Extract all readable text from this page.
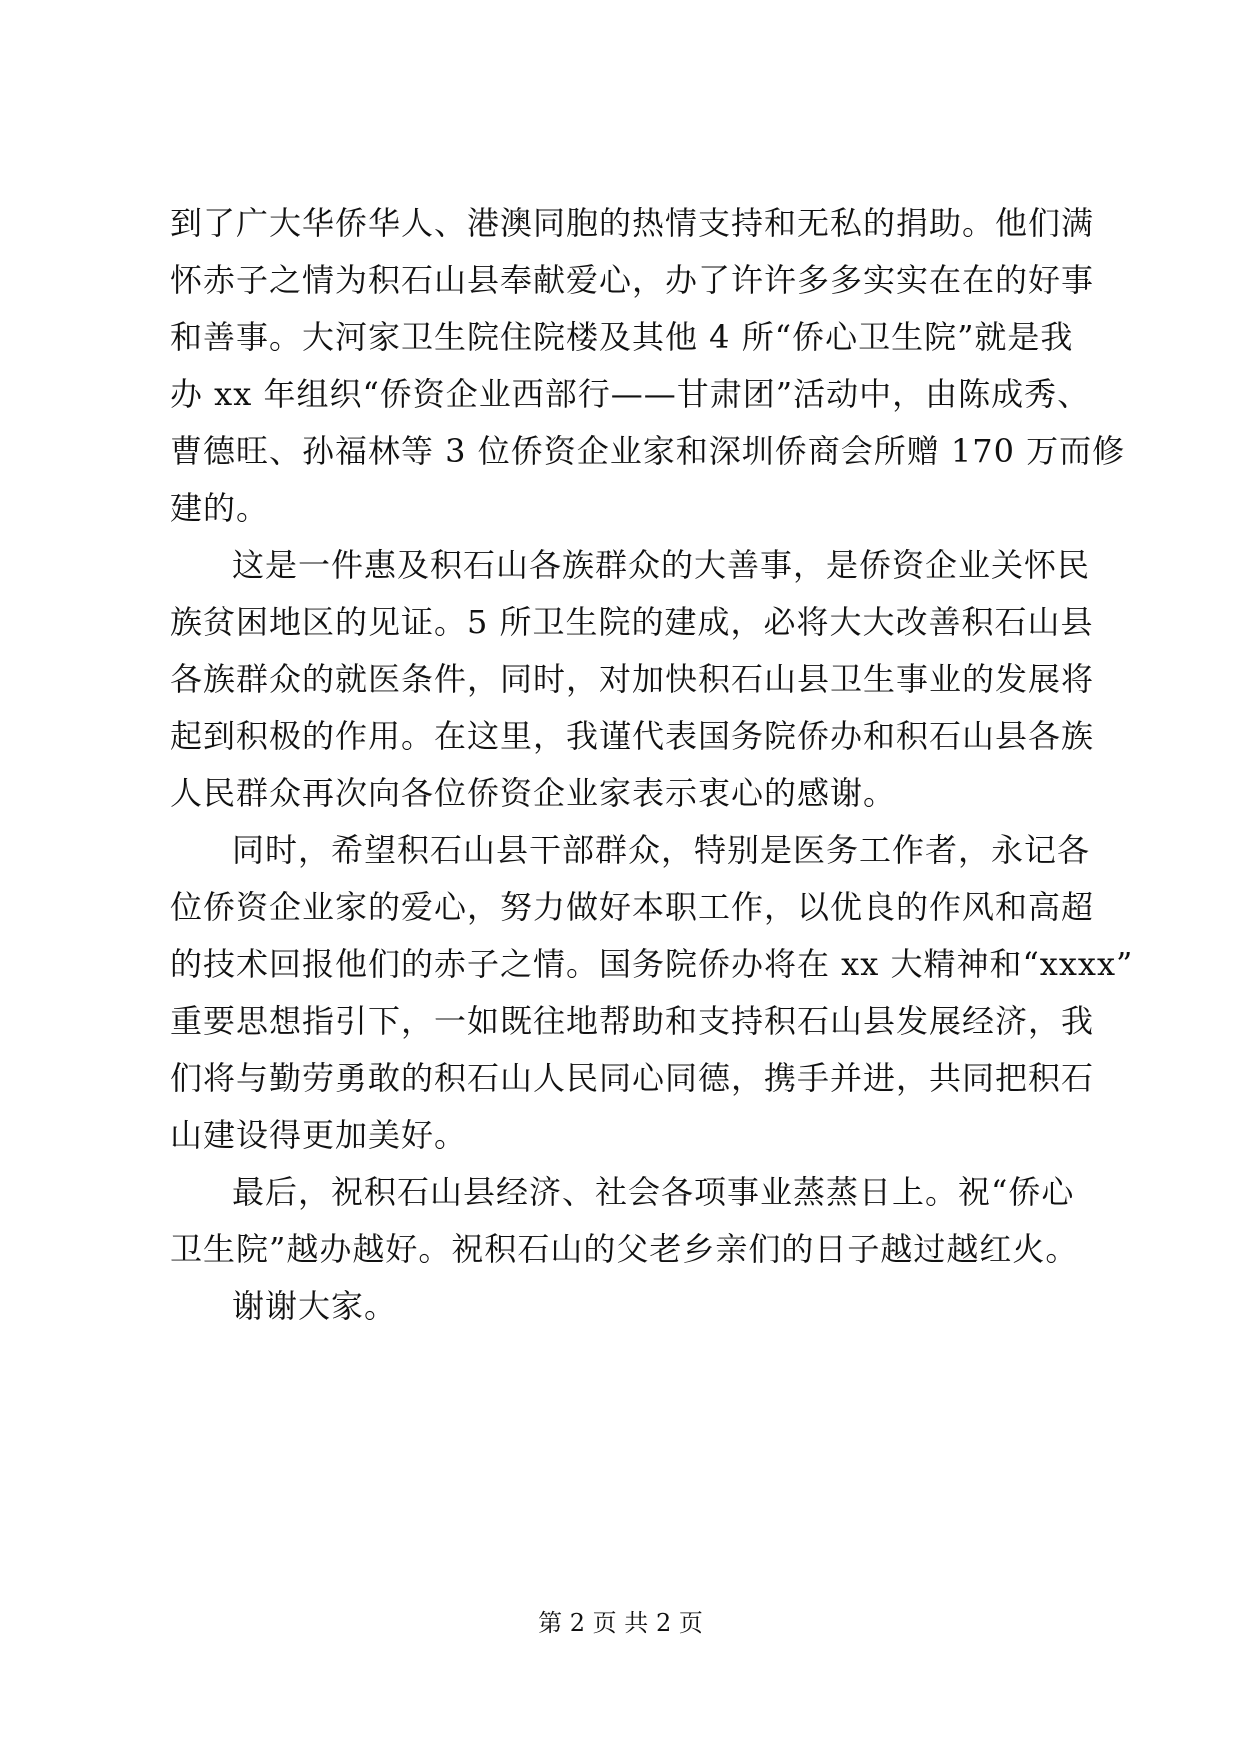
到了广大华侨华人、港澳同胞的热情支持和无私的捐助。他们满
怀赤子之情为积石山县奉献爱心，办了许许多多实实在在的好事
和善事。大河家卫生院住院楼及其他 4 所“侨心卫生院”就是我
办 xx 年组织“侨资企业西部行——甘肃团”活动中，由陈成秀、
曹德旺、孙福林等 3 位侨资企业家和深圳侨商会所赠 170 万而修
建的。
这是一件惠及积石山各族群众的大善事，是侨资企业关怀民
族贫困地区的见证。5 所卫生院的建成，必将大大改善积石山县
各族群众的就医条件，同时，对加快积石山县卫生事业的发展将
起到积极的作用。在这里，我谨代表国务院侨办和积石山县各族
人民群众再次向各位侨资企业家表示衷心的感谢。
同时，希望积石山县干部群众，特别是医务工作者，永记各
位侨资企业家的爱心，努力做好本职工作，以优良的作风和高超
的技术回报他们的赤子之情。国务院侨办将在 xx 大精神和“xxxx”
重要思想指引下，一如既往地帮助和支持积石山县发展经济，我
们将与勤劳勇敢的积石山人民同心同德，携手并进，共同把积石
山建设得更加美好。
最后，祝积石山县经济、社会各项事业蒸蒸日上。祝“侨心
卫生院”越办越好。祝积石山的父老乡亲们的日子越过越红火。
谢谢大家。
第 2 页 共 2 页
